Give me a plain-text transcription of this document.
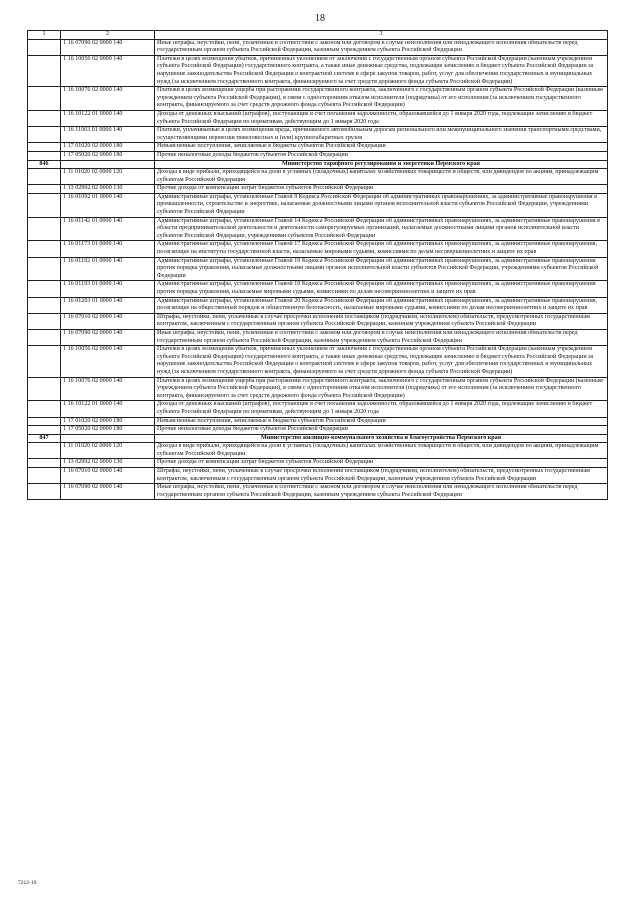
18
1	2	3
	1 16 07090 02 0000 140	Иные штрафы, неустойки, пени, уплаченные в соответствии с законом или договором в случае неисполнения или ненадлежащего исполнения обязательств перед государственным органом субъекта Российской Федерации, казенным учреждением субъекта Российской Федерации
	1 16 10056 02 0000 140	Платежи в целях возмещения убытков, причиненных уклонением от заключения с государственным органом субъекта Российской Федерации (казенным учреждением субъекта Российской Федерации) государственного контракта, а также иные денежные средства, подлежащие зачислению в бюджет субъекта Российской Федерации за нарушение законодательства Российской Федерации о контрактной системе в сфере закупок товаров, работ, услуг для обеспечения государственных и муниципальных нужд (за исключением государственного контракта, финансируемого за счет средств дорожного фонда субъекта Российской Федерации)
	1 16 10076 02 0000 140	Платежи в целях возмещения ущерба при расторжении государственного контракта, заключенного с государственным органом субъекта Российской Федерации (казенным учреждением субъекта Российской Федерации), в связи с односторонним отказом исполнителя (подрядчика) от его исполнения (за исключением государственного контракта, финансируемого за счет средств дорожного фонда субъекта Российской Федерации)
	1 16 10122 01 0000 140	Доходы от денежных взысканий (штрафов), поступающие в счет погашения задолженности, образовавшейся до 1 января 2020 года, подлежащие зачислению в бюджет субъекта Российской Федерации по нормативам, действующим до 1 января 2020 года
	1 16 11063 01 0000 140	Платежи, уплачиваемые в целях возмещения вреда, причиняемого автомобильным дорогам регионального или межмуниципального значения транспортными средствами, осуществляющими перевозки тяжеловесных и (или) крупногабаритных грузов
	1 17 01020 02 0000 180	Невыясненные поступления, зачисляемые в бюджеты субъектов Российской Федерации
	1 17 05020 02 0000 180	Прочие неналоговые доходы бюджетов субъектов Российской Федерации
846		Министерство тарифного регулирования и энергетики Пермского края
	1 11 01020 02 0000 120	Доходы в виде прибыли, приходящейся на доли в уставных (складочных) капиталах хозяйственных товариществ и обществ, или дивидендов по акциям, принадлежащим субъектам Российской Федерации
	1 13 02992 02 0000 130	Прочие доходы от компенсации затрат бюджетов субъектов Российской Федерации
	1 16 01092 01 0000 140	Административные штрафы, установленные Главой 9 Кодекса Российской Федерации об административных правонарушениях, за административные правонарушения в промышленности, строительстве и энергетике, налагаемые должностными лицами органов исполнительной власти субъектов Российской Федерации, учреждениями субъектов Российской Федерации
	1 16 01142 01 0000 140	Административные штрафы, установленные Главой 14 Кодекса Российской Федерации об административных правонарушениях, за административные правонарушения в области предпринимательской деятельности и деятельности саморегулируемых организаций, налагаемые должностными лицами органов исполнительной власти субъектов Российской Федерации, учреждениями субъектов Российской Федерации
	1 16 01173 01 0000 140	Административные штрафы, установленные Главой 17 Кодекса Российской Федерации об административных правонарушениях, за административные правонарушения, посягающие на институты государственной власти, налагаемые мировыми судьями, комиссиями по делам несовершеннолетних и защите их прав
	1 16 01192 01 0000 140	Административные штрафы, установленные Главой 19 Кодекса Российской Федерации об административных правонарушениях, за административные правонарушения против порядка управления, налагаемые должностными лицами органов исполнительной власти субъектов Российской Федерации, учреждениями субъектов Российской Федерации
	1 16 01193 01 0000 140	Административные штрафы, установленные Главой 19 Кодекса Российской Федерации об административных правонарушениях, за административные правонарушения против порядка управления, налагаемые мировыми судьями, комиссиями по делам несовершеннолетних и защите их прав
	1 16 01203 01 0000 140	Административные штрафы, установленные Главой 20 Кодекса Российской Федерации об административных правонарушениях, за административные правонарушения, посягающие на общественный порядок и общественную безопасность, налагаемые мировыми судьями, комиссиями по делам несовершеннолетних и защите их прав
	1 16 07010 02 0000 140	Штрафы, неустойки, пени, уплаченные в случае просрочки исполнения поставщиком (подрядчиком, исполнителем) обязательств, предусмотренных государственным контрактом, заключенным с государственным органом субъекта Российской Федерации, казенным учреждением субъекта Российской Федерации
	1 16 07090 02 0000 140	Иные штрафы, неустойки, пени, уплаченные в соответствии с законом или договором в случае неисполнения или ненадлежащего исполнения обязательств перед государственным органом субъекта Российской Федерации, казенным учреждением субъекта Российской Федерации
	1 16 10056 02 0000 140	Платежи в целях возмещения убытков, причиненных уклонением от заключения с государственным органом субъекта Российской Федерации (казенным учреждением субъекта Российской Федерации) государственного контракта, а также иные денежные средства, подлежащие зачислению в бюджет субъекта Российской Федерации за нарушение законодательства Российской Федерации о контрактной системе в сфере закупок товаров, работ, услуг для обеспечения государственных и муниципальных нужд (за исключением государственного контракта, финансируемого за счет средств дорожного фонда субъекта Российской Федерации)
	1 16 10076 02 0000 140	Платежи в целях возмещения ущерба при расторжении государственного контракта, заключенного с государственным органом субъекта Российской Федерации (казенным учреждением субъекта Российской Федерации), в связи с односторонним отказом исполнителя (подрядчика) от его исполнения (за исключением государственного контракта, финансируемого за счет средств дорожного фонда субъекта Российской Федерации)
	1 16 10122 01 0000 140	Доходы от денежных взысканий (штрафов), поступающие в счет погашения задолженности, образовавшейся до 1 января 2020 года, подлежащие зачислению в бюджет субъекта Российской Федерации по нормативам, действующим до 1 января 2020 года
	1 17 01020 02 0000 180	Невыясненные поступления, зачисляемые в бюджеты субъектов Российской Федерации
	1 17 05020 02 0000 180	Прочие неналоговые доходы бюджетов субъектов Российской Федерации
847		Министерство жилищно-коммунального хозяйства и благоустройства Пермского края
	1 11 01020 02 0000 120	Доходы в виде прибыли, приходящейся на доли в уставных (складочных) капиталах хозяйственных товариществ и обществ, или дивидендов по акциям, принадлежащим субъектам Российской Федерации
	1 13 02992 02 0000 130	Прочие доходы от компенсации затрат бюджетов субъектов Российской Федерации
	1 16 07010 02 0000 140	Штрафы, неустойки, пени, уплаченные в случае просрочки исполнения поставщиком (подрядчиком, исполнителем) обязательств, предусмотренных государственным контрактом, заключенным с государственным органом субъекта Российской Федерации, казенным учреждением субъекта Российской Федерации
	1 16 07090 02 0000 140	Иные штрафы, неустойки, пени, уплаченные в соответствии с законом или договором в случае неисполнения или ненадлежащего исполнения обязательств перед государственным органом субъекта Российской Федерации, казенным учреждением субъекта Российской Федерации
7212-19
